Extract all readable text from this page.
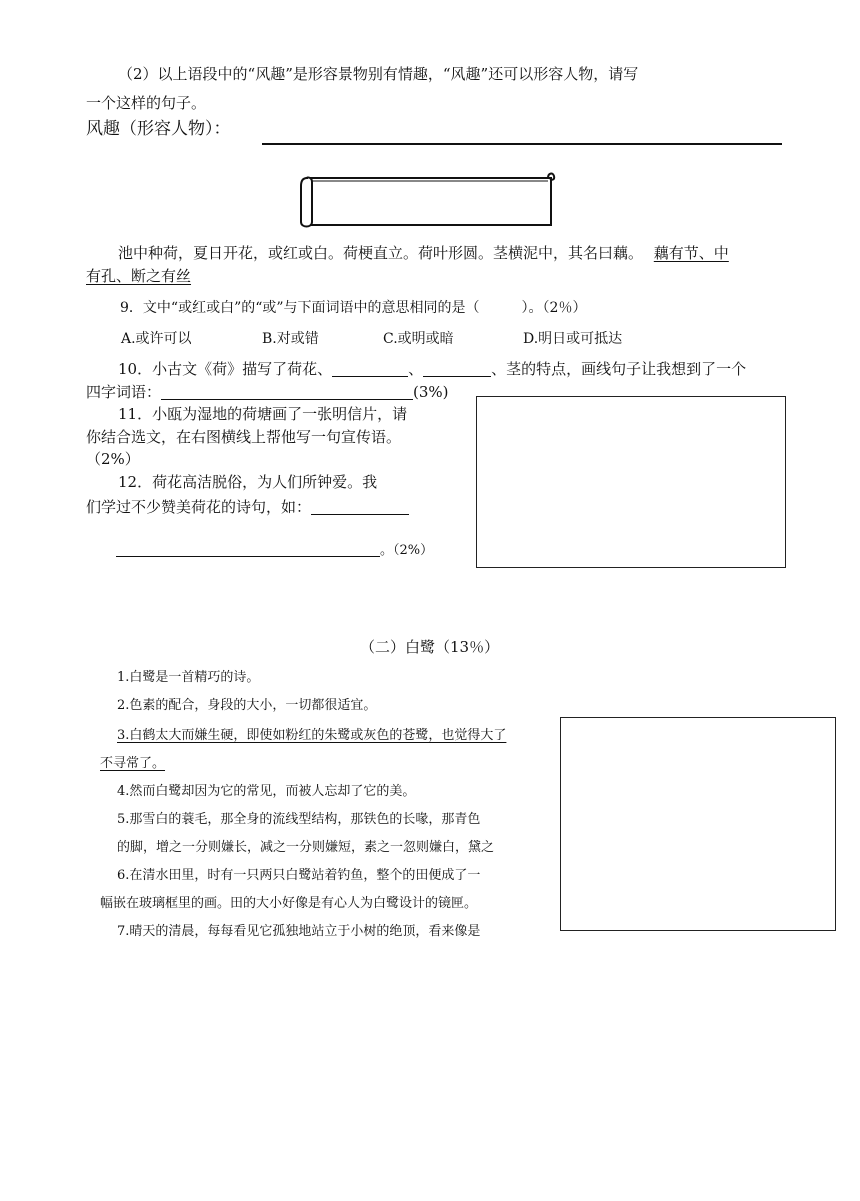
（2）以上语段中的“风趣”是形容景物别有情趣，“风趣”还可以形容人物，请写
一个这样的句子。
风趣（形容人物）：
池中种荷，夏日开花，或红或白。荷梗直立。荷叶形圆。茎横泥中，其名曰藕。 藕有节、中
有孔、断之有丝
9．文中“或红或白”的“或”与下面词语中的意思相同的是（　　　）。（2％）
A.或许可以	B.对或错	C.或明或暗	D.明日或可抵达
10．小古文《荷》描写了荷花、	、	、茎的特点，画线句子让我想到了一个
四字词语：	(3%)
11．小瓯为湿地的荷塘画了一张明信片，请
你结合选文，在右图横线上帮他写一句宣传语。
（2%）
12．荷花高洁脱俗，为人们所钟爱。我
们学过不少赞美荷花的诗句，如：
。（2%）
（二）白鹭（13％）
1.白鹭是一首精巧的诗。
2.色素的配合，身段的大小，一切都很适宜。
3.白鹤太大而嫌生硬，即使如粉红的朱鹭或灰色的苍鹭，也觉得大了
不寻常了。
4.然而白鹭却因为它的常见，而被人忘却了它的美。
5.那雪白的蓑毛，那全身的流线型结构，那铁色的长喙，那青色
的脚，增之一分则嫌长，减之一分则嫌短，素之一忽则嫌白，黛之
6.在清水田里，时有一只两只白鹭站着钓鱼，整个的田便成了一
幅嵌在玻璃框里的画。田的大小好像是有心人为白鹭设计的镜匣。
7.晴天的清晨，每每看见它孤独地站立于小树的绝顶，看来像是
